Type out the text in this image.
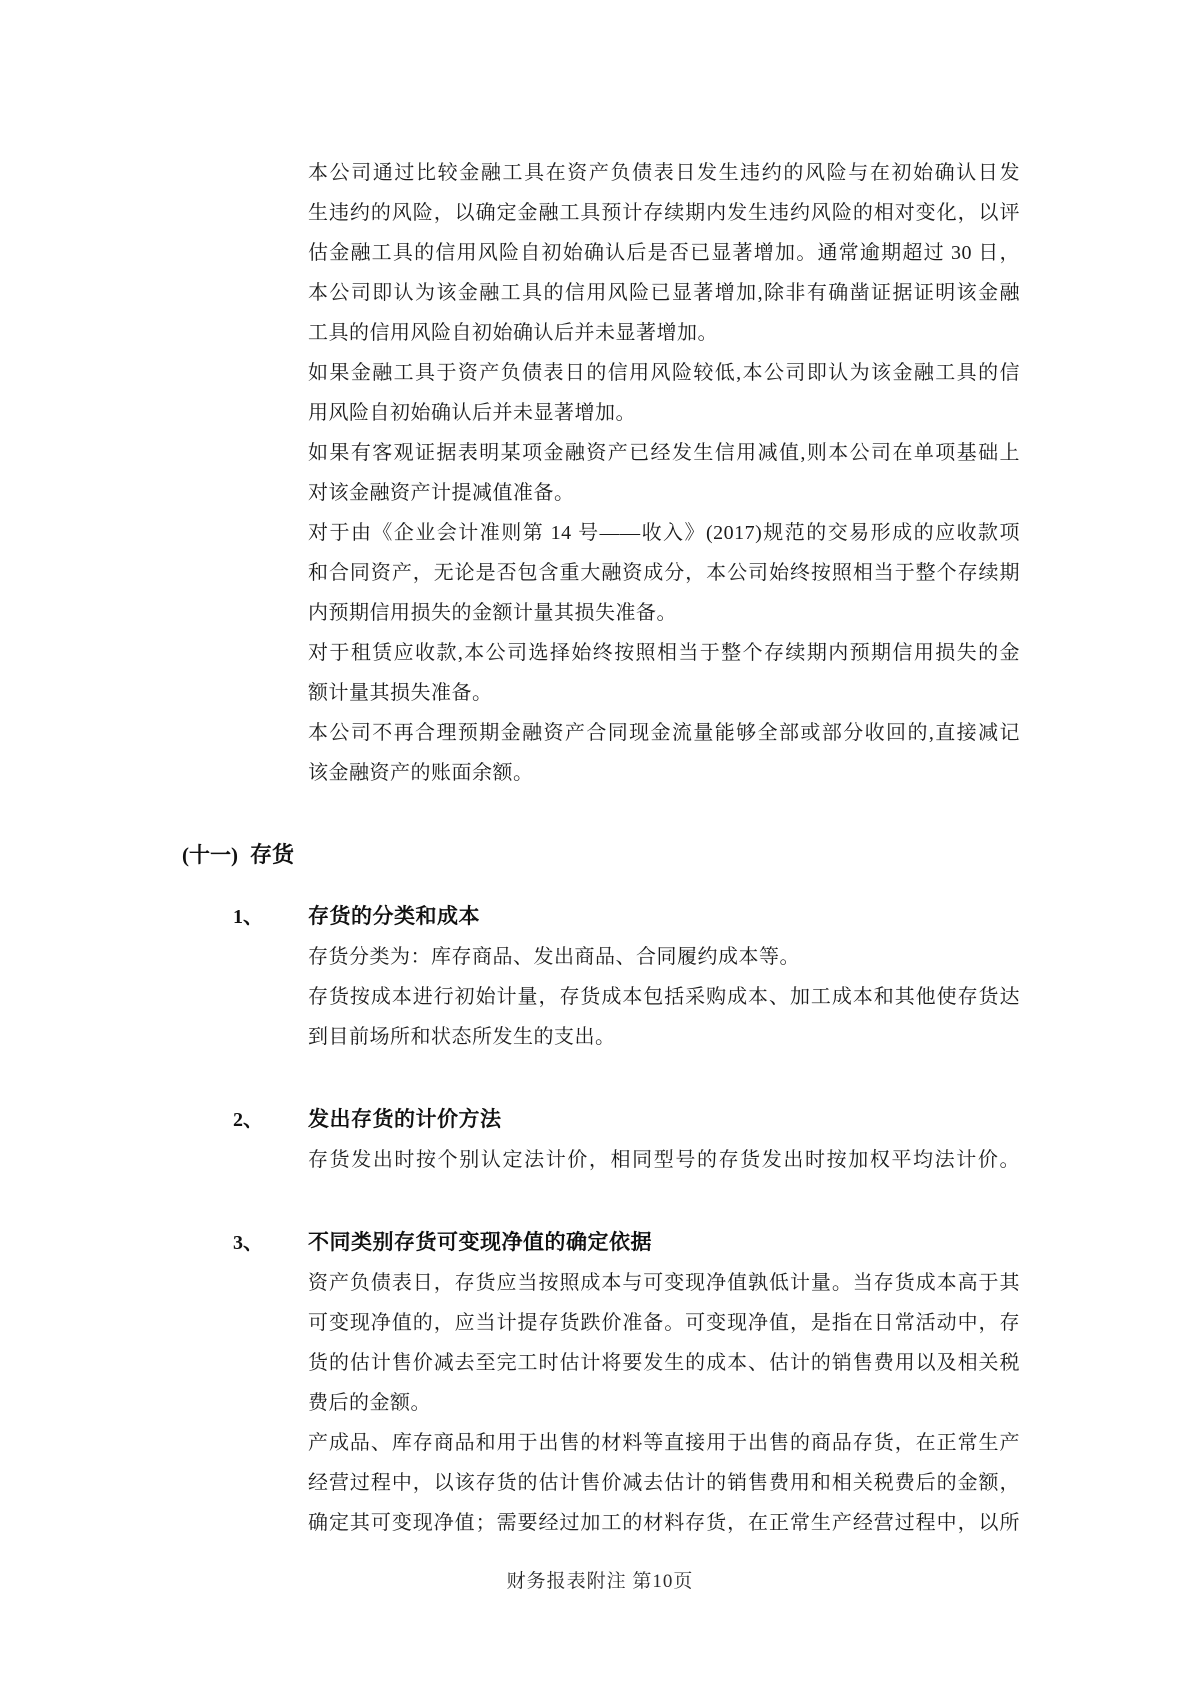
本公司通过比较金融工具在资产负债表日发生违约的风险与在初始确认日发
生违约的风险，以确定金融工具预计存续期内发生违约风险的相对变化，以评
估金融工具的信用风险自初始确认后是否已显著增加。通常逾期超过 30 日，
本公司即认为该金融工具的信用风险已显著增加,除非有确凿证据证明该金融
工具的信用风险自初始确认后并未显著增加。
如果金融工具于资产负债表日的信用风险较低,本公司即认为该金融工具的信
用风险自初始确认后并未显著增加。
如果有客观证据表明某项金融资产已经发生信用减值,则本公司在单项基础上
对该金融资产计提减值准备。
对于由《企业会计准则第 14 号——收入》(2017)规范的交易形成的应收款项
和合同资产，无论是否包含重大融资成分，本公司始终按照相当于整个存续期
内预期信用损失的金额计量其损失准备。
对于租赁应收款,本公司选择始终按照相当于整个存续期内预期信用损失的金
额计量其损失准备。
本公司不再合理预期金融资产合同现金流量能够全部或部分收回的,直接减记
该金融资产的账面余额。
(十一) 存货
1、	存货的分类和成本
存货分类为：库存商品、发出商品、合同履约成本等。
存货按成本进行初始计量，存货成本包括采购成本、加工成本和其他使存货达
到目前场所和状态所发生的支出。
2、	发出存货的计价方法
存货发出时按个别认定法计价，相同型号的存货发出时按加权平均法计价。
3、	不同类别存货可变现净值的确定依据
资产负债表日，存货应当按照成本与可变现净值孰低计量。当存货成本高于其
可变现净值的，应当计提存货跌价准备。可变现净值，是指在日常活动中，存
货的估计售价减去至完工时估计将要发生的成本、估计的销售费用以及相关税
费后的金额。
产成品、库存商品和用于出售的材料等直接用于出售的商品存货，在正常生产
经营过程中，以该存货的估计售价减去估计的销售费用和相关税费后的金额，
确定其可变现净值；需要经过加工的材料存货，在正常生产经营过程中，以所
财务报表附注 第10页
